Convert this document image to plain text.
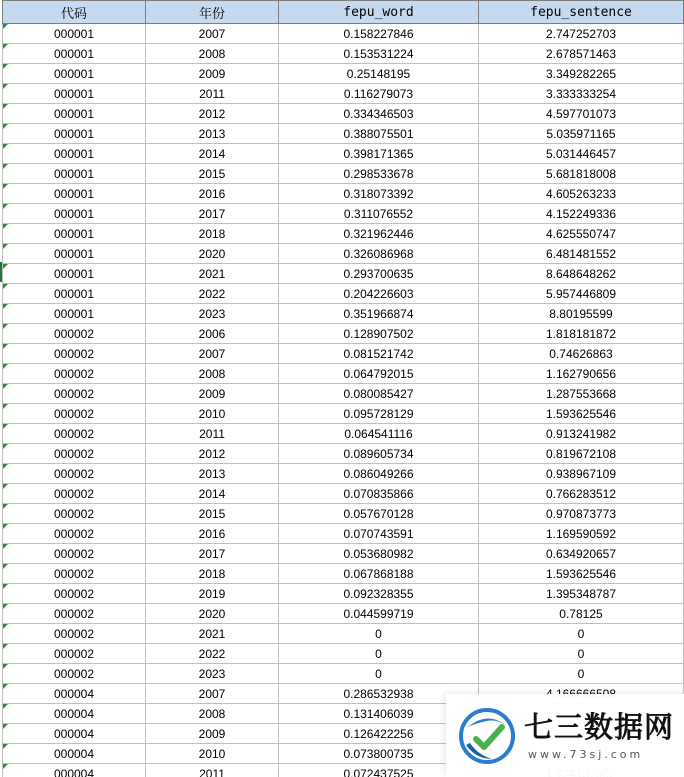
代码	年份	fepu_word	fepu_sentence
000001	2007	0.158227846	2.747252703
000001	2008	0.153531224	2.678571463
000001	2009	0.25148195	3.349282265
000001	2011	0.116279073	3.333333254
000001	2012	0.334346503	4.597701073
000001	2013	0.388075501	5.035971165
000001	2014	0.398171365	5.031446457
000001	2015	0.298533678	5.681818008
000001	2016	0.318073392	4.605263233
000001	2017	0.311076552	4.152249336
000001	2018	0.321962446	4.625550747
000001	2020	0.326086968	6.481481552
000001	2021	0.293700635	8.648648262
000001	2022	0.204226603	5.957446809
000001	2023	0.351966874	8.80195599
000002	2006	0.128907502	1.818181872
000002	2007	0.081521742	0.74626863
000002	2008	0.064792015	1.162790656
000002	2009	0.080085427	1.287553668
000002	2010	0.095728129	1.593625546
000002	2011	0.064541116	0.913241982
000002	2012	0.089605734	0.819672108
000002	2013	0.086049266	0.938967109
000002	2014	0.070835866	0.766283512
000002	2015	0.057670128	0.970873773
000002	2016	0.070743591	1.169590592
000002	2017	0.053680982	0.634920657
000002	2018	0.067868188	1.593625546
000002	2019	0.092328355	1.395348787
000002	2020	0.044599719	0.78125
000002	2021	0	0
000002	2022	0	0
000002	2023	0	0
000004	2007	0.286532938	
000004	2008	0.131406039	
000004	2009	0.126422256	
000004	2010	0.073800735	
000004	2011	0.072437525	
七三数据网
www.73sj.com
